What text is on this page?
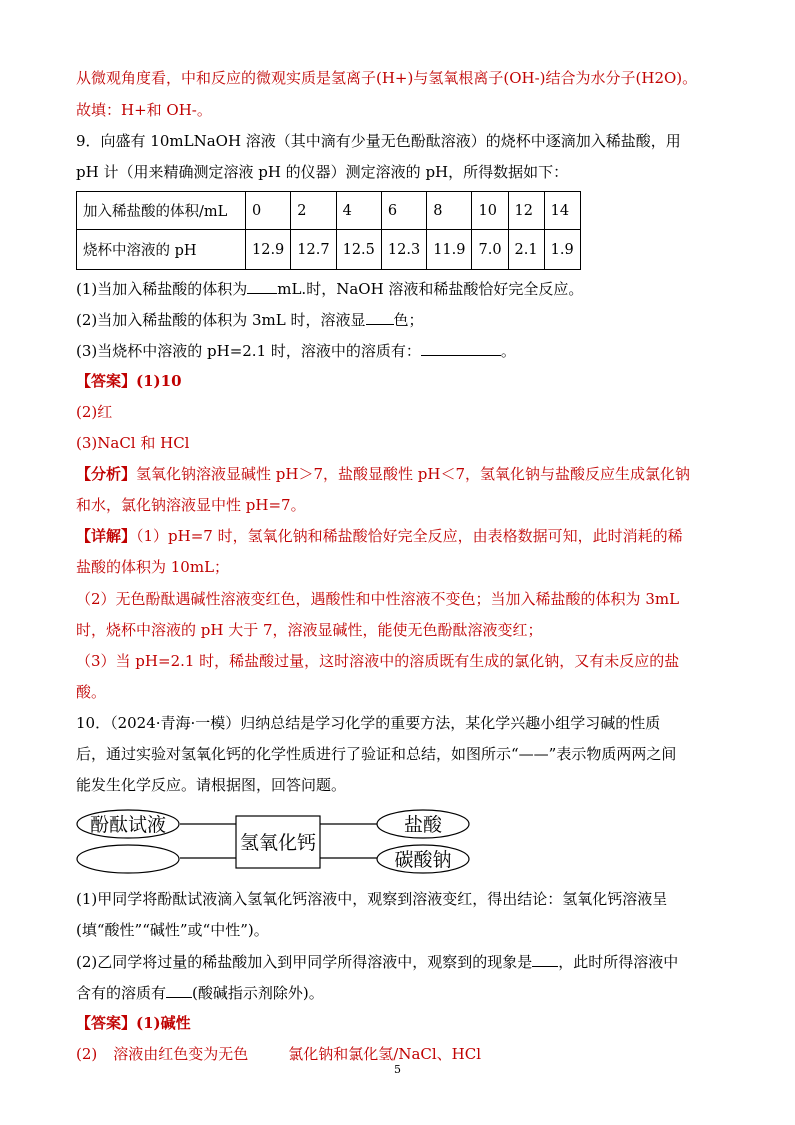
从微观角度看，中和反应的微观实质是氢离子(H+)与氢氧根离子(OH-)结合为水分子(H2O)。
故填：H+和 OH-。
9．向盛有 10mLNaOH 溶液（其中滴有少量无色酚酞溶液）的烧杯中逐滴加入稀盐酸，用
pH 计（用来精确测定溶液 pH 的仪器）测定溶液的 pH，所得数据如下：
加入稀盐酸的体积/mL	0	2	4	6	8	10	12	14
烧杯中溶液的 pH	12.9	12.7	12.5	12.3	11.9	7.0	2.1	1.9
(1)当加入稀盐酸的体积为 mL.时，NaOH 溶液和稀盐酸恰好完全反应。
(2)当加入稀盐酸的体积为 3mL 时，溶液显 色；
(3)当烧杯中溶液的 pH=2.1 时，溶液中的溶质有：	。
【答案】(1)10
(2)红
(3)NaCl 和 HCl
【分析】氢氧化钠溶液显碱性 pH＞7，盐酸显酸性 pH＜7，氢氧化钠与盐酸反应生成氯化钠
和水，氯化钠溶液显中性 pH=7。
【详解】（1）pH=7 时，氢氧化钠和稀盐酸恰好完全反应，由表格数据可知，此时消耗的稀
盐酸的体积为 10mL；
（2）无色酚酞遇碱性溶液变红色，遇酸性和中性溶液不变色；当加入稀盐酸的体积为 3mL
时，烧杯中溶液的 pH 大于 7，溶液显碱性，能使无色酚酞溶液变红；
（3）当 pH=2.1 时，稀盐酸过量，这时溶液中的溶质既有生成的氯化钠，又有未反应的盐
酸。
10．（2024·青海·一模）归纳总结是学习化学的重要方法，某化学兴趣小组学习碱的性质
后，通过实验对氢氧化钙的化学性质进行了验证和总结，如图所示“——”表示物质两两之间
能发生化学反应。请根据图，回答问题。
氢氧化钙
酚酞试液	盐酸
碳酸钠
(1)甲同学将酚酞试液滴入氢氧化钙溶液中，观察到溶液变红，得出结论：氢氧化钙溶液呈
(填“酸性”“碱性”或“中性”)。
(2)乙同学将过量的稀盐酸加入到甲同学所得溶液中，观察到的现象是 ，此时所得溶液中
含有的溶质有 (酸碱指示剂除外)。
【答案】(1)碱性
(2) 溶液由红色变为无色	氯化钠和氯化氢/NaCl、HCl
5
